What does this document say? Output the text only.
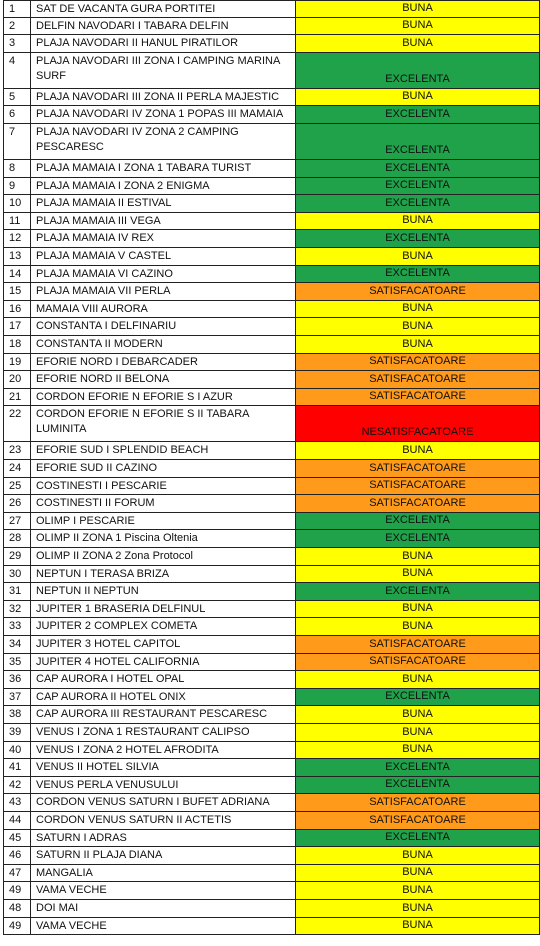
1	SAT DE VACANTA GURA PORTITEI	BUNA
2	DELFIN NAVODARI I TABARA DELFIN	BUNA
3	PLAJA NAVODARI II HANUL PIRATILOR	BUNA
4	PLAJA NAVODARI III ZONA I CAMPING MARINA SURF	EXCELENTA
5	PLAJA NAVODARI III ZONA II PERLA MAJESTIC	BUNA
6	PLAJA NAVODARI IV ZONA 1 POPAS III MAMAIA	EXCELENTA
7	PLAJA NAVODARI IV ZONA 2 CAMPING PESCARESC	EXCELENTA
8	PLAJA MAMAIA I ZONA 1 TABARA TURIST	EXCELENTA
9	PLAJA MAMAIA I ZONA 2 ENIGMA	EXCELENTA
10	PLAJA MAMAIA II ESTIVAL	EXCELENTA
11	PLAJA MAMAIA III VEGA	BUNA
12	PLAJA MAMAIA IV REX	EXCELENTA
13	PLAJA MAMAIA V CASTEL	BUNA
14	PLAJA MAMAIA VI CAZINO	EXCELENTA
15	PLAJA MAMAIA VII PERLA	SATISFACATOARE
16	MAMAIA VIII AURORA	BUNA
17	CONSTANTA I DELFINARIU	BUNA
18	CONSTANTA II MODERN	BUNA
19	EFORIE NORD I DEBARCADER	SATISFACATOARE
20	EFORIE NORD II BELONA	SATISFACATOARE
21	CORDON EFORIE N EFORIE S I AZUR	SATISFACATOARE
22	CORDON EFORIE N EFORIE S II TABARA LUMINITA	NESATISFACATOARE
23	EFORIE SUD I SPLENDID BEACH	BUNA
24	EFORIE SUD II CAZINO	SATISFACATOARE
25	COSTINESTI I PESCARIE	SATISFACATOARE
26	COSTINESTI II FORUM	SATISFACATOARE
27	OLIMP I PESCARIE	EXCELENTA
28	OLIMP II ZONA 1 Piscina Oltenia	EXCELENTA
29	OLIMP II ZONA 2 Zona Protocol	BUNA
30	NEPTUN I TERASA BRIZA	BUNA
31	NEPTUN II NEPTUN	EXCELENTA
32	JUPITER 1 BRASERIA DELFINUL	BUNA
33	JUPITER 2 COMPLEX COMETA	BUNA
34	JUPITER 3 HOTEL CAPITOL	SATISFACATOARE
35	JUPITER 4 HOTEL CALIFORNIA	SATISFACATOARE
36	CAP AURORA I HOTEL OPAL	BUNA
37	CAP AURORA II HOTEL ONIX	EXCELENTA
38	CAP AURORA III RESTAURANT PESCARESC	BUNA
39	VENUS I ZONA 1 RESTAURANT CALIPSO	BUNA
40	VENUS I ZONA 2 HOTEL AFRODITA	BUNA
41	VENUS II HOTEL SILVIA	EXCELENTA
42	VENUS PERLA VENUSULUI	EXCELENTA
43	CORDON VENUS SATURN I BUFET ADRIANA	SATISFACATOARE
44	CORDON VENUS SATURN II ACTETIS	SATISFACATOARE
45	SATURN I ADRAS	EXCELENTA
46	SATURN II PLAJA DIANA	BUNA
47	MANGALIA	BUNA
49	VAMA VECHE	BUNA
48	DOI MAI	BUNA
49	VAMA VECHE	BUNA
